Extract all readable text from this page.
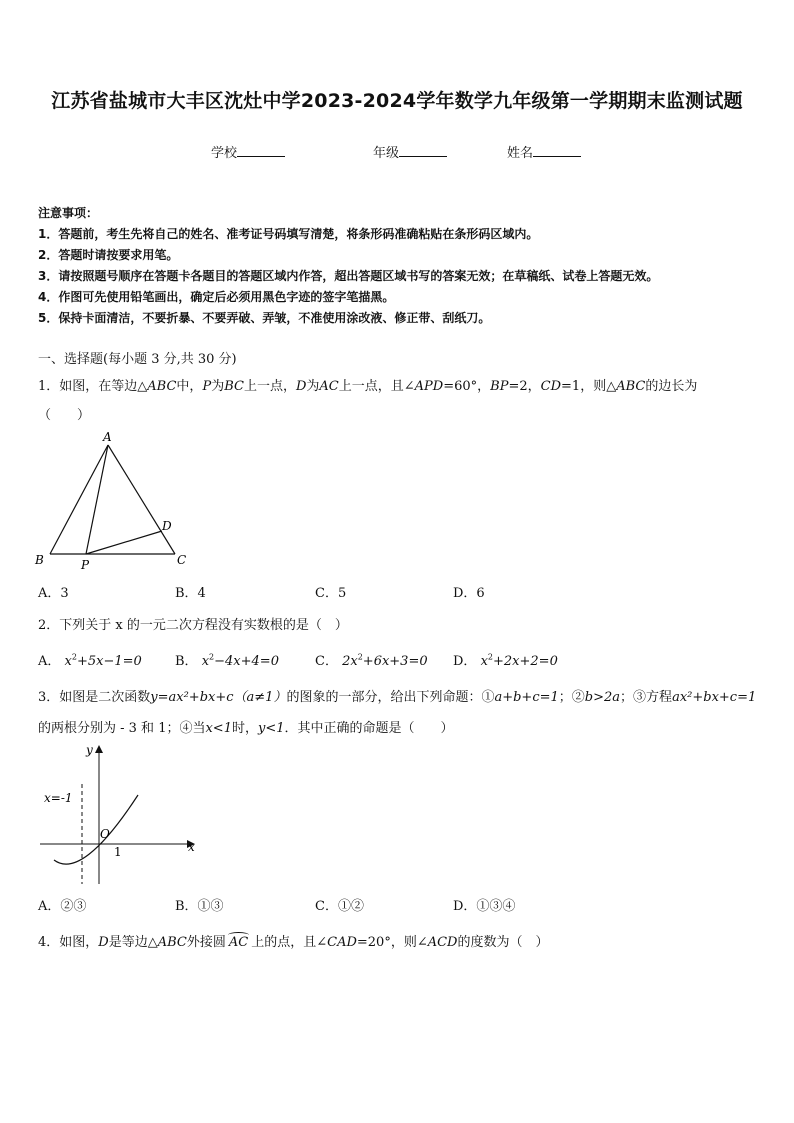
江苏省盐城市大丰区沈灶中学2023-2024学年数学九年级第一学期期末监测试题
学校	年级	姓名
注意事项：
1．答题前，考生先将自己的姓名、准考证号码填写清楚，将条形码准确粘贴在条形码区域内。
2．答题时请按要求用笔。
3．请按照题号顺序在答题卡各题目的答题区域内作答，超出答题区域书写的答案无效；在草稿纸、试卷上答题无效。
4．作图可先使用铅笔画出，确定后必须用黑色字迹的签字笔描黑。
5．保持卡面清洁，不要折暴、不要弄破、弄皱，不准使用涂改液、修正带、刮纸刀。
一、选择题(每小题 3 分,共 30 分)
1．如图，在等边△ABC中，P为BC上一点，D为AC上一点，且∠APD=60°，BP=2，CD=1，则△ABC的边长为
（　　）
A
B	C
D
P
A．3	B．4	C．5	D．6
2．下列关于 x 的一元二次方程没有实数根的是（　）
A． $x^2+5x-1=0$	B． $x^2-4x+4=0$	C． $2x^2+6x+3=0$ D． $x^2+2x+2=0$
3．如图是二次函数y=ax²+bx+c（a≠1）的图象的一部分，给出下列命题：①a+b+c=1；②b>2a；③方程ax²+bx+c=1
的两根分别为 - 3 和 1；④当x<1时，y<1．其中正确的命题是（　　）
y
x
O
1
x=-1
A．②③	B．①③	C．①②	D．①③④
4．如图，D是等边△ABC外接圆 AC 上的点，且∠CAD=20°，则∠ACD的度数为（　）
